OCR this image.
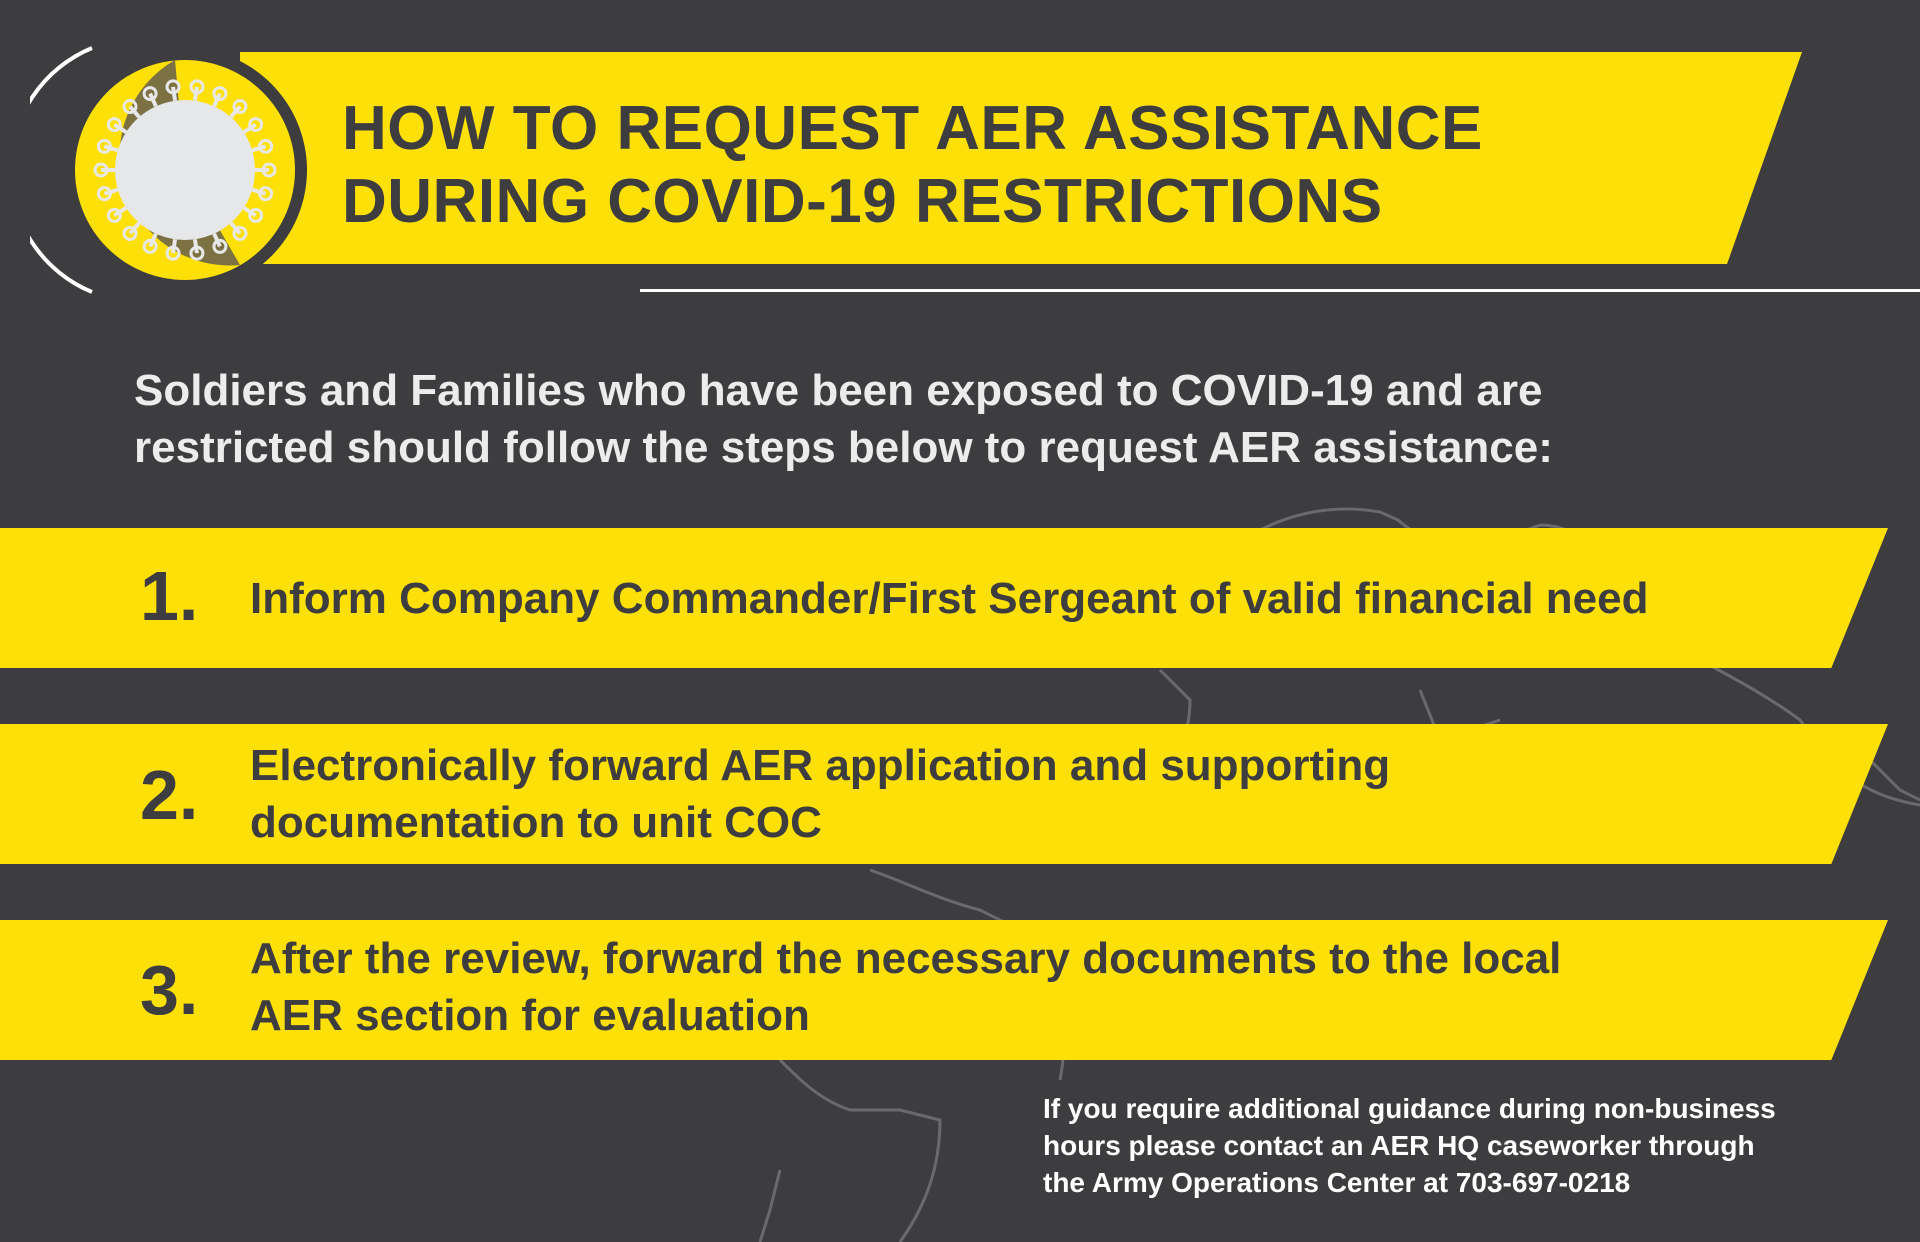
HOW TO REQUEST AER ASSISTANCE
DURING COVID-19 RESTRICTIONS

Soldiers and Families who have been exposed to COVID-19 and are
restricted should follow the steps below to request AER assistance:

1. Inform Company Commander/First Sergeant of valid financial need

2. Electronically forward AER application and supporting
documentation to unit COC

3. After the review, forward the necessary documents to the local
AER section for evaluation

If you require additional guidance during non-business
hours please contact an AER HQ caseworker through
the Army Operations Center at 703-697-0218
